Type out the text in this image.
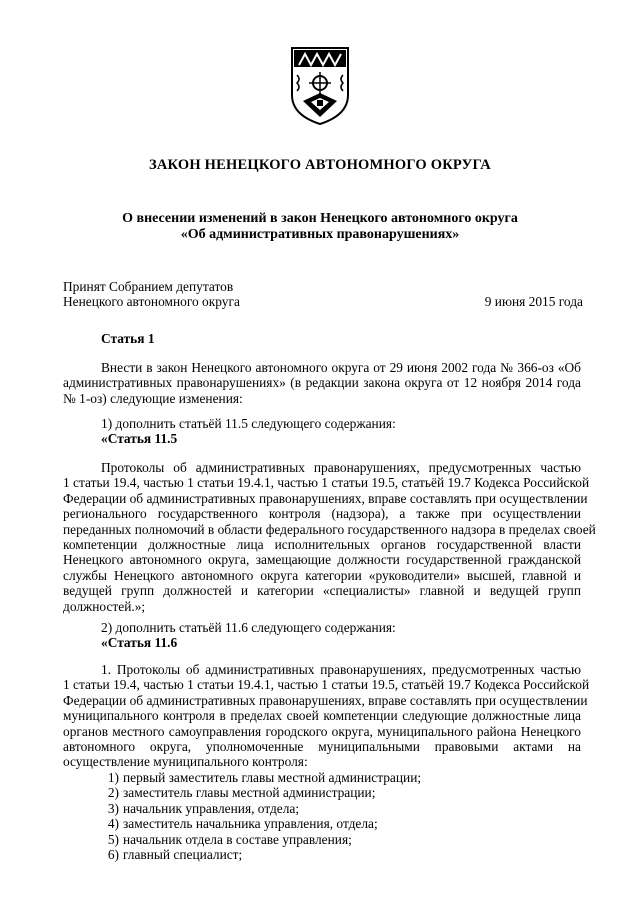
ЗАКОН НЕНЕЦКОГО АВТОНОМНОГО ОКРУГА
О внесении изменений в закон Ненецкого автономного округа
«Об административных правонарушениях»
Принят Собранием депутатов
Ненецкого автономного округа	9 июня 2015 года
Статья 1
Внести в закон Ненецкого автономного округа от 29 июня 2002 года № 366-оз «Об
административных правонарушениях» (в редакции закона округа от 12 ноября 2014 года
№ 1-оз) следующие изменения:
1) дополнить статьёй 11.5 следующего содержания:
«Статья 11.5
Протоколы об административных правонарушениях, предусмотренных частью
1 статьи 19.4, частью 1 статьи 19.4.1, частью 1 статьи 19.5, статьёй 19.7 Кодекса Российской
Федерации об административных правонарушениях, вправе составлять при осуществлении
регионального государственного контроля (надзора), а также при осуществлении
переданных полномочий в области федерального государственного надзора в пределах своей
компетенции должностные лица исполнительных органов государственной власти
Ненецкого автономного округа, замещающие должности государственной гражданской
службы Ненецкого автономного округа категории «руководители» высшей, главной и
ведущей групп должностей и категории «специалисты» главной и ведущей групп
должностей.»;
2) дополнить статьёй 11.6 следующего содержания:
«Статья 11.6
1. Протоколы об административных правонарушениях, предусмотренных частью
1 статьи 19.4, частью 1 статьи 19.4.1, частью 1 статьи 19.5, статьёй 19.7 Кодекса Российской
Федерации об административных правонарушениях, вправе составлять при осуществлении
муниципального контроля в пределах своей компетенции следующие должностные лица
органов местного самоуправления городского округа, муниципального района Ненецкого
автономного округа, уполномоченные муниципальными правовыми актами на
осуществление муниципального контроля:
1) первый заместитель главы местной администрации;
2) заместитель главы местной администрации;
3) начальник управления, отдела;
4) заместитель начальника управления, отдела;
5) начальник отдела в составе управления;
6) главный специалист;
